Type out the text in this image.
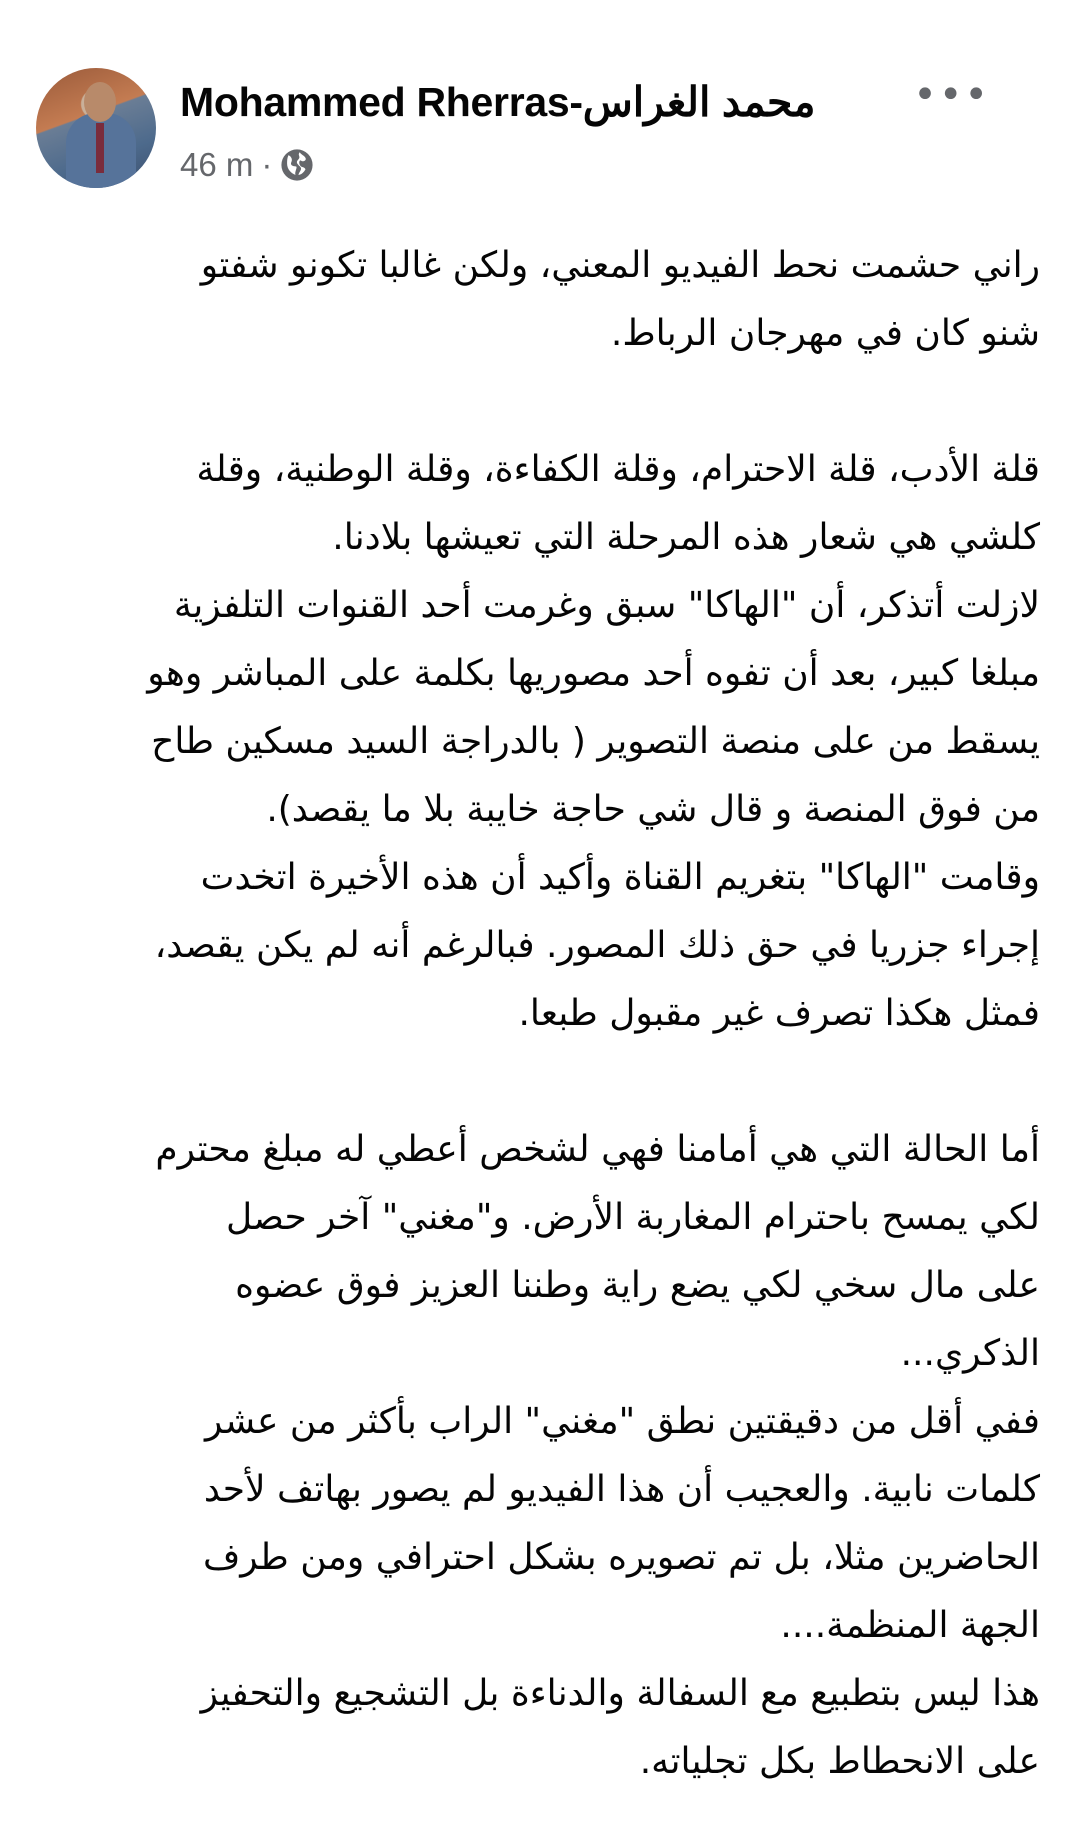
Mohammed Rherras-محمد الغراس
46 m ·
•••
راني حشمت نحط الفيديو المعني، ولكن غالبا تكونو شفتو
شنو كان في مهرجان الرباط.
قلة الأدب، قلة الاحترام، وقلة الكفاءة، وقلة الوطنية، وقلة
كلشي هي شعار هذه المرحلة التي تعيشها بلادنا.
لازلت أتذكر، أن "الهاكا" سبق وغرمت أحد القنوات التلفزية
مبلغا كبير، بعد أن تفوه أحد مصوريها بكلمة على المباشر وهو
يسقط من على منصة التصوير ( بالدراجة السيد مسكين طاح
من فوق المنصة و قال شي حاجة خايبة بلا ما يقصد).
وقامت "الهاكا" بتغريم القناة وأكيد أن هذه الأخيرة اتخدت
إجراء جزريا في حق ذلك المصور. فبالرغم أنه لم يكن يقصد،
فمثل هكذا تصرف غير مقبول طبعا.
أما الحالة التي هي أمامنا فهي لشخص أعطي له مبلغ محترم
لكي يمسح باحترام المغاربة الأرض. و"مغني" آخر حصل
على مال سخي لكي يضع راية وطننا العزيز فوق عضوه
الذكري...
ففي أقل من دقيقتين نطق "مغني" الراب بأكثر من عشر
كلمات نابية. والعجيب أن هذا الفيديو لم يصور بهاتف لأحد
الحاضرين مثلا، بل تم تصويره بشكل احترافي ومن طرف
الجهة المنظمة....
هذا ليس بتطبيع مع السفالة والدناءة بل التشجيع والتحفيز
على الانحطاط بكل تجلياته.
